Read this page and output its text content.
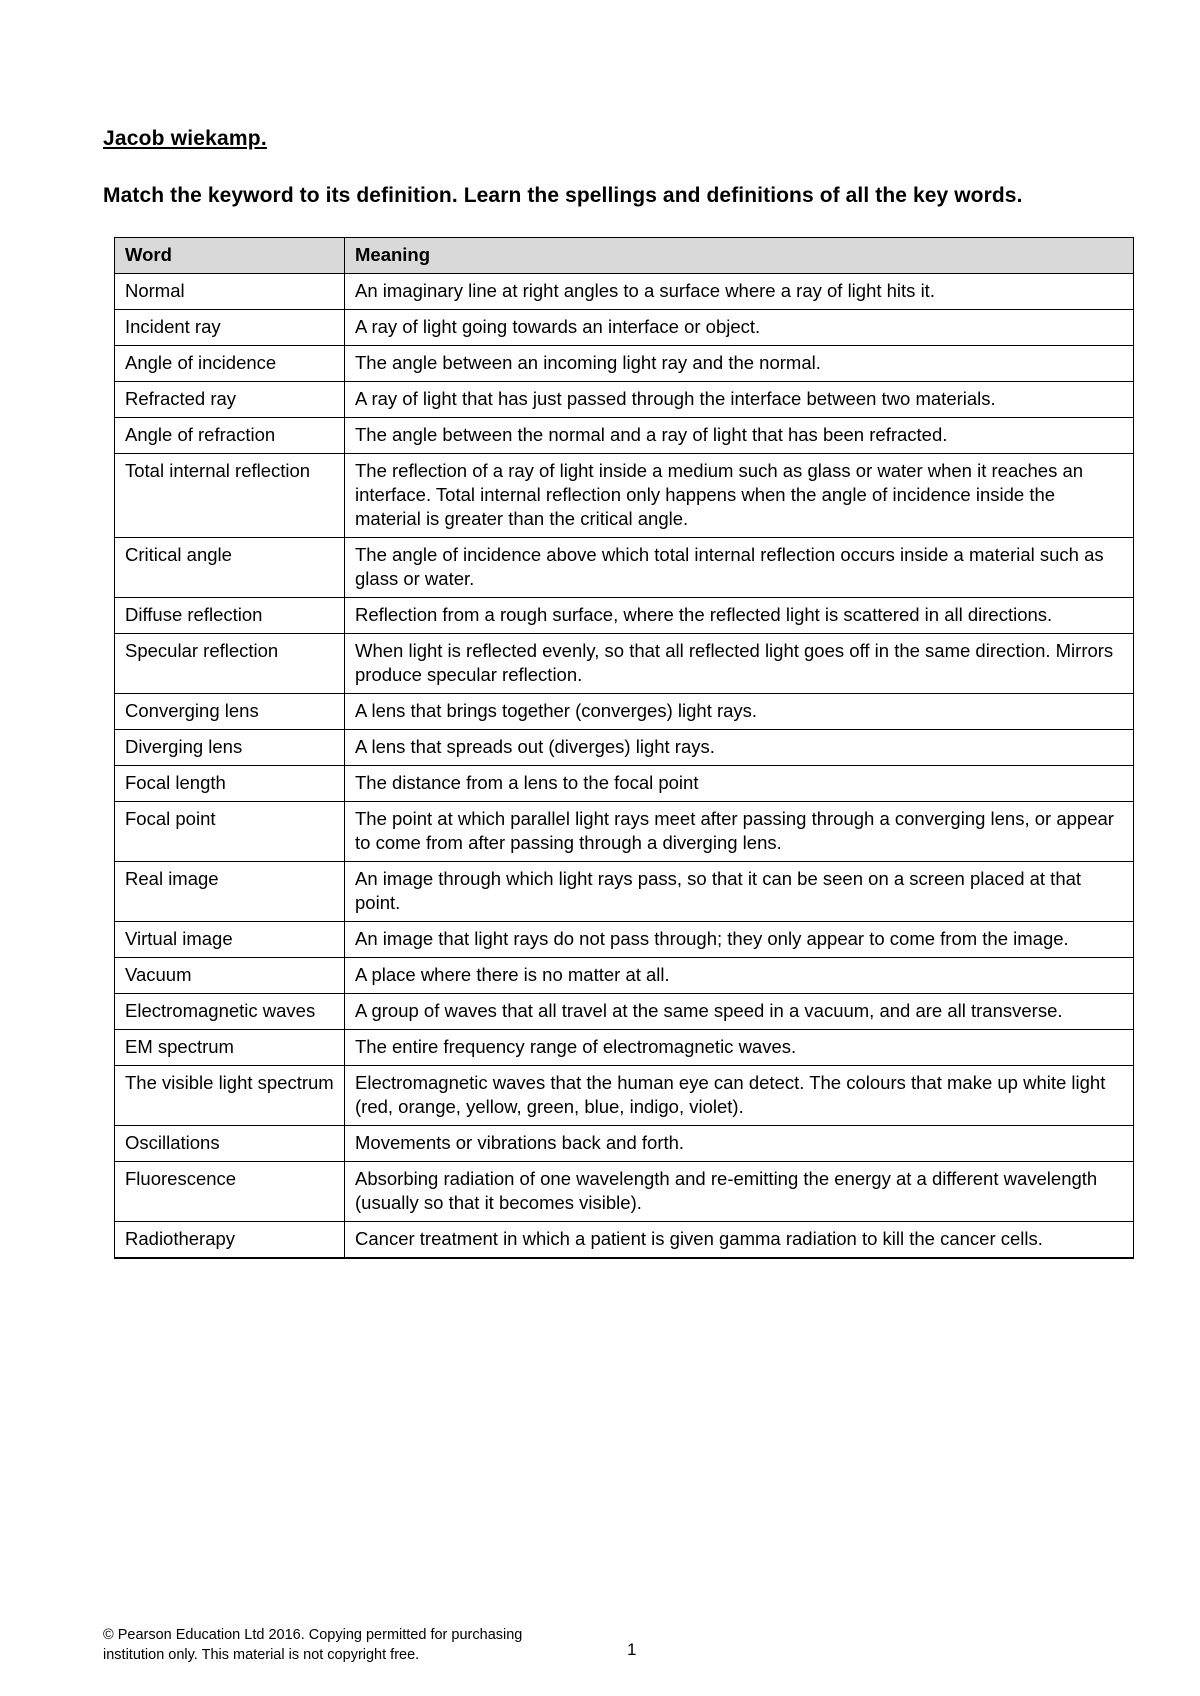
Jacob wiekamp.
Match the keyword to its definition. Learn the spellings and definitions of all the key words.
Word	Meaning
Normal	An imaginary line at right angles to a surface where a ray of light hits it.
Incident ray	A ray of light going towards an interface or object.
Angle of incidence	The angle between an incoming light ray and the normal.
Refracted ray	A ray of light that has just passed through the interface between two materials.
Angle of refraction	The angle between the normal and a ray of light that has been refracted.
Total internal reflection	The reflection of a ray of light inside a medium such as glass or water when it reaches an interface. Total internal reflection only happens when the angle of incidence inside the material is greater than the critical angle.
Critical angle	The angle of incidence above which total internal reflection occurs inside a material such as glass or water.
Diffuse reflection	Reflection from a rough surface, where the reflected light is scattered in all directions.
Specular reflection	When light is reflected evenly, so that all reflected light goes off in the same direction. Mirrors produce specular reflection.
Converging lens	A lens that brings together (converges) light rays.
Diverging lens	A lens that spreads out (diverges) light rays.
Focal length	The distance from a lens to the focal point
Focal point	The point at which parallel light rays meet after passing through a converging lens, or appear to come from after passing through a diverging lens.
Real image	An image through which light rays pass, so that it can be seen on a screen placed at that point.
Virtual image	An image that light rays do not pass through; they only appear to come from the image.
Vacuum	A place where there is no matter at all.
Electromagnetic waves	A group of waves that all travel at the same speed in a vacuum, and are all transverse.
EM spectrum	The entire frequency range of electromagnetic waves.
The visible light spectrum	Electromagnetic waves that the human eye can detect. The colours that make up white light (red, orange, yellow, green, blue, indigo, violet).
Oscillations	Movements or vibrations back and forth.
Fluorescence	Absorbing radiation of one wavelength and re-emitting the energy at a different wavelength (usually so that it becomes visible).
Radiotherapy	Cancer treatment in which a patient is given gamma radiation to kill the cancer cells.
© Pearson Education Ltd 2016. Copying permitted for purchasing institution only. This material is not copyright free.	1
